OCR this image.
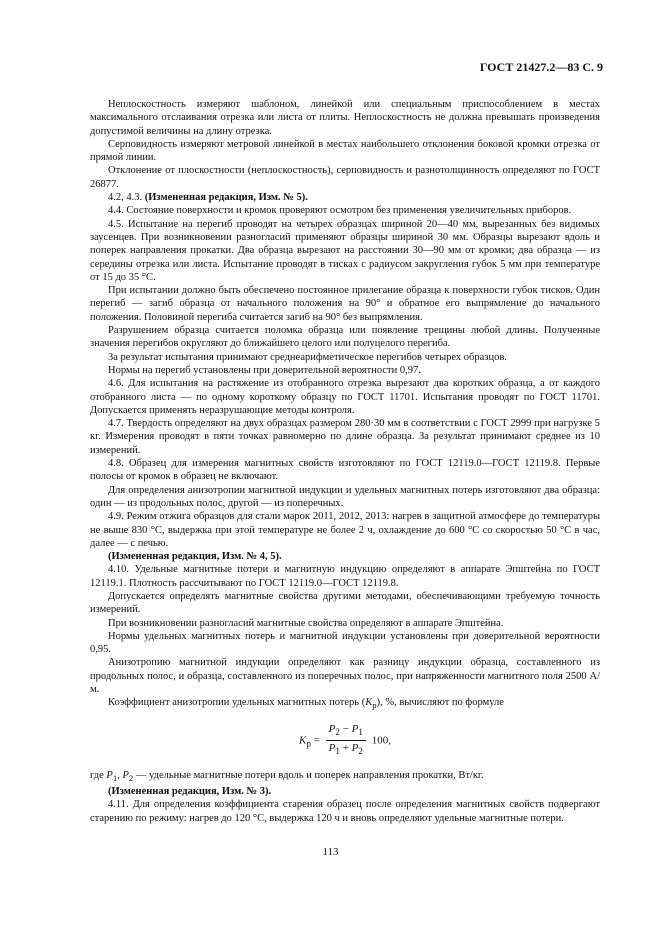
ГОСТ 21427.2—83 С. 9

Неплоскостность измеряют шаблоном, линейкой или специальным приспособлением в местах максимального отслаивания отрезка или листа от плиты. Неплоскостность не должна превышать произведения допустимой величины на длину отрезка.

Серповидность измеряют метровой линейкой в местах наибольшего отклонения боковой кромки отрезка от прямой линии.

Отклонение от плоскостности (неплоскостность), серповидность и разнотолщинность определяют по ГОСТ 26877.

4.2, 4.3. (Измененная редакция, Изм. № 5).

4.4. Состояние поверхности и кромок проверяют осмотром без применения увеличительных приборов.

4.5. Испытание на перегиб проводят на четырех образцах шириной 20—40 мм, вырезанных без видимых заусенцев. При возникновении разногласий применяют образцы шириной 30 мм. Образцы вырезают вдоль и поперек направления прокатки. Два образца вырезают на расстоянии 30—90 мм от кромки; два образца — из середины отрезка или листа. Испытание проводят в тисках с радиусом закругления губок 5 мм при температуре от 15 до 35 °С.

При испытании должно быть обеспечено постоянное прилегание образца к поверхности губок тисков. Один перегиб — загиб образца от начального положения на 90° и обратное его выпрямление до начального положения. Половиной перегиба считается загиб на 90° без выпрямления.

Разрушением образца считается поломка образца или появление трещины любой длины. Полученные значения перегибов округляют до ближайшего целого или полуцелого перегиба.

За результат испытания принимают среднеарифметическое перегибов четырех образцов.

Нормы на перегиб установлены при доверительной вероятности 0,97.

4.6. Для испытания на растяжение из отобранного отрезка вырезают два коротких образца, а от каждого отобранного листа — по одному короткому образцу по ГОСТ 11701. Испытания проводят по ГОСТ 11701. Допускается применять неразрушающие методы контроля.

4.7. Твердость определяют на двух образцах размером 280·30 мм в соответствии с ГОСТ 2999 при нагрузке 5 кг. Измерения проводят в пяти точках равномерно по длине образца. За результат принимают среднее из 10 измерений.

4.8. Образец для измерения магнитных свойств изготовляют по ГОСТ 12119.0—ГОСТ 12119.8. Первые полосы от кромок в образец не включают.

Для определения анизотропии магнитной индукции и удельных магнитных потерь изготовляют два образца: один — из продольных полос, другой — из поперечных.

4.9. Режим отжига образцов для стали марок 2011, 2012, 2013: нагрев в защитной атмосфере до температуры не выше 830 °С, выдержка при этой температуре не более 2 ч, охлаждение до 600 °С со скоростью 50 °С в час, далее — с печью.

(Измененная редакция, Изм. № 4, 5).

4.10. Удельные магнитные потери и магнитную индукцию определяют в аппарате Эпштейна по ГОСТ 12119.1. Плотность рассчитывают по ГОСТ 12119.0—ГОСТ 12119.8.

Допускается определять магнитные свойства другими методами, обеспечивающими требуемую точность измерений.

При возникновении разногласий магнитные свойства определяют в аппарате Эпштейна.

Нормы удельных магнитных потерь и магнитной индукции установлены при доверительной вероятности 0,95.

Анизотропию магнитной индукции определяют как разницу индукции образца, составленного из продольных полос, и образца, составленного из поперечных полос, при напряженности магнитного поля 2500 А/м.

Коэффициент анизотропии удельных магнитных потерь $(K_р)$, %, вычисляют по формуле

$K_р = \frac{P_2 - P_1}{P_1 + P_2} 100$,

где $P_1$, $P_2$ — удельные магнитные потери вдоль и поперек направления прокатки, Вт/кг.

(Измененная редакция, Изм. № 3).

4.11. Для определения коэффициента старения образец после определения магнитных свойств подвергают старению по режиму: нагрев до 120 °С, выдержка 120 ч и вновь определяют удельные магнитные потери.

113
